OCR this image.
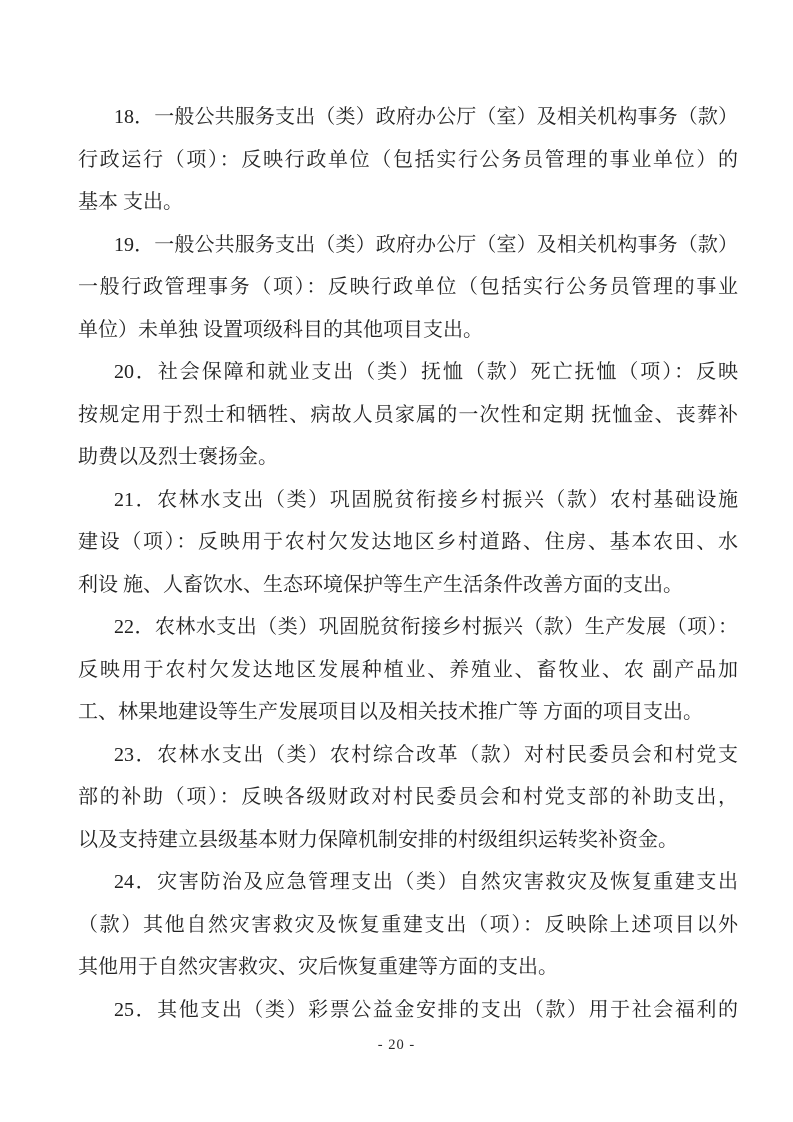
18．一般公共服务支出（类）政府办公厅（室）及相关机构事务（款）
行政运行（项）：反映行政单位（包括实行公务员管理的事业单位）的
基本 支出。
19．一般公共服务支出（类）政府办公厅（室）及相关机构事务（款）
一般行政管理事务（项）：反映行政单位（包括实行公务员管理的事业
单位）未单独 设置项级科目的其他项目支出。
20．社会保障和就业支出（类）抚恤（款）死亡抚恤（项）：反映
按规定用于烈士和牺牲、病故人员家属的一次性和定期 抚恤金、丧葬补
助费以及烈士褒扬金。
21．农林水支出（类）巩固脱贫衔接乡村振兴（款）农村基础设施
建设（项）：反映用于农村欠发达地区乡村道路、住房、基本农田、水
利设 施、人畜饮水、生态环境保护等生产生活条件改善方面的支出。
22．农林水支出（类）巩固脱贫衔接乡村振兴（款）生产发展（项）：
反映用于农村欠发达地区发展种植业、养殖业、畜牧业、农 副产品加
工、林果地建设等生产发展项目以及相关技术推广等 方面的项目支出。
23．农林水支出（类）农村综合改革（款）对村民委员会和村党支
部的补助（项）：反映各级财政对村民委员会和村党支部的补助支出，
以及支持建立县级基本财力保障机制安排的村级组织运转奖补资金。
24．灾害防治及应急管理支出（类）自然灾害救灾及恢复重建支出
（款）其他自然灾害救灾及恢复重建支出（项）：反映除上述项目以外
其他用于自然灾害救灾、灾后恢复重建等方面的支出。
25．其他支出（类）彩票公益金安排的支出（款）用于社会福利的
- 20 -
